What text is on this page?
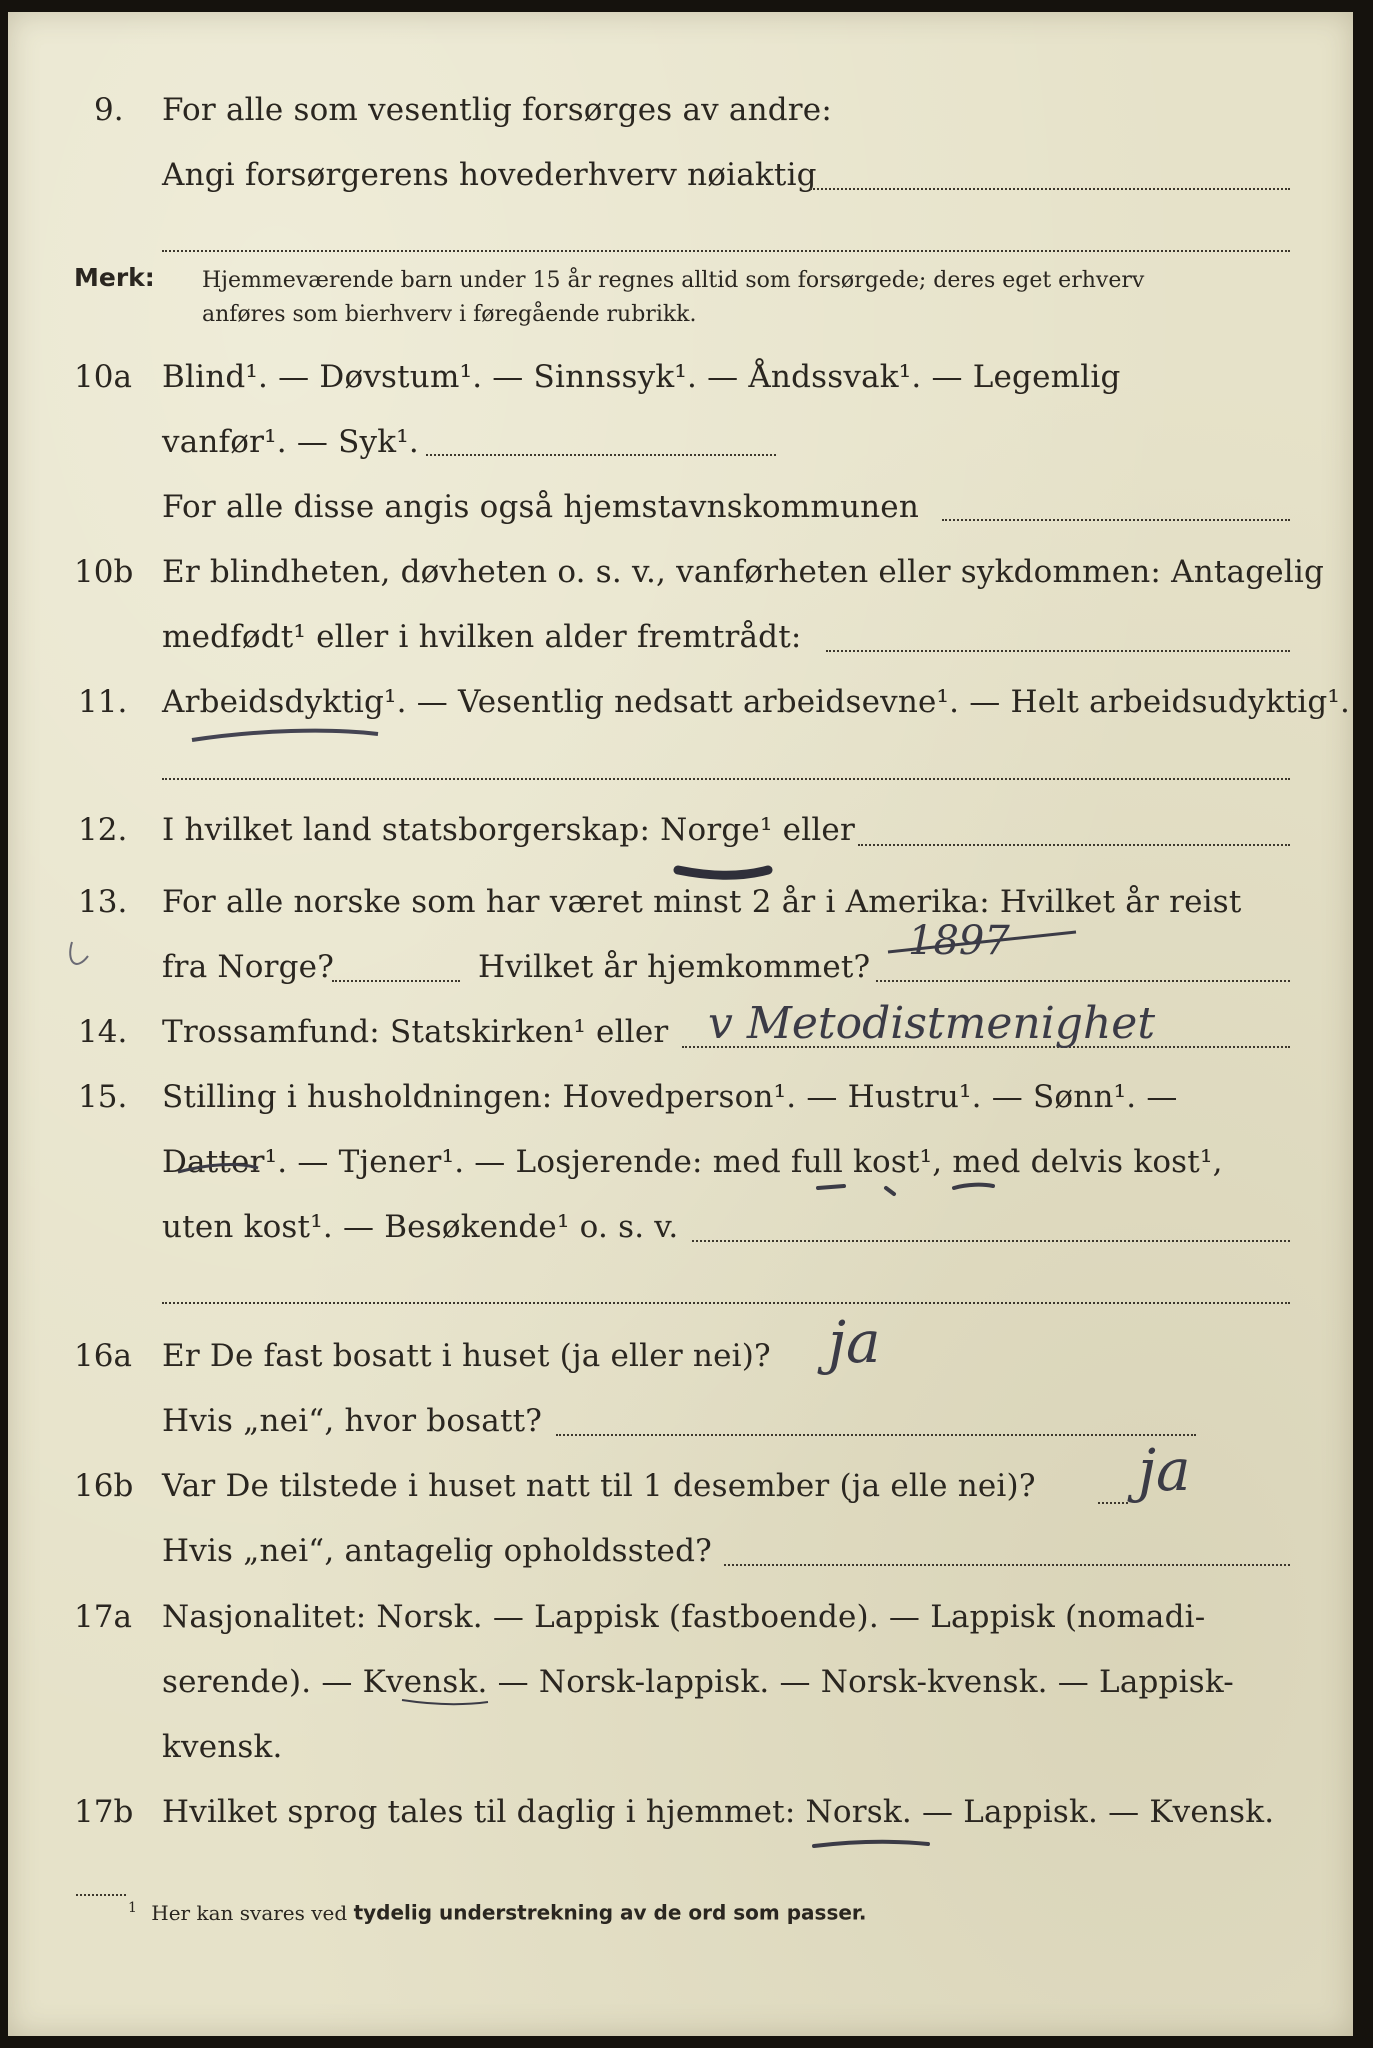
9. For alle som vesentlig forsørges av andre:
Angi forsørgerens hovederhverv nøiaktig
Merk: Hjemmeværende barn under 15 år regnes alltid som forsørgede; deres eget erhverv
anføres som bierhverv i føregående rubrikk.
10a Blind¹. — Døvstum¹. — Sinnssyk¹. — Åndssvak¹. — Legemlig
vanfør¹. — Syk¹.
For alle disse angis også hjemstavnskommunen
10b Er blindheten, døvheten o. s. v., vanførheten eller sykdommen: Antagelig
medfødt¹ eller i hvilken alder fremtrådt:
11. Arbeidsdyktig¹. — Vesentlig nedsatt arbeidsevne¹. — Helt arbeidsudyktig¹.
12. I hvilket land statsborgerskap: Norge¹ eller
13. For alle norske som har været minst 2 år i Amerika: Hvilket år reist
fra Norge?	Hvilket år hjemkommet?
1897
14. Trossamfund: Statskirken¹ eller v Metodistmenighet
15. Stilling i husholdningen: Hovedperson¹. — Hustru¹. — Sønn¹. —
Datter¹. — Tjener¹. — Losjerende: med full kost¹, med delvis kost¹,
uten kost¹. — Besøkende¹ o. s. v.
16a Er De fast bosatt i huset (ja eller nei)? ja
Hvis „nei“, hvor bosatt?
16b Var De tilstede i huset natt til 1 desember (ja elle nei)? ja
Hvis „nei“, antagelig opholdssted?
17a Nasjonalitet: Norsk. — Lappisk (fastboende). — Lappisk (nomadi-
serende). — Kvensk. — Norsk-lappisk. — Norsk-kvensk. — Lappisk-
kvensk.
17b Hvilket sprog tales til daglig i hjemmet: Norsk. — Lappisk. — Kvensk.
$^1$ Her kan svares ved tydelig understrekning av de ord som passer.
